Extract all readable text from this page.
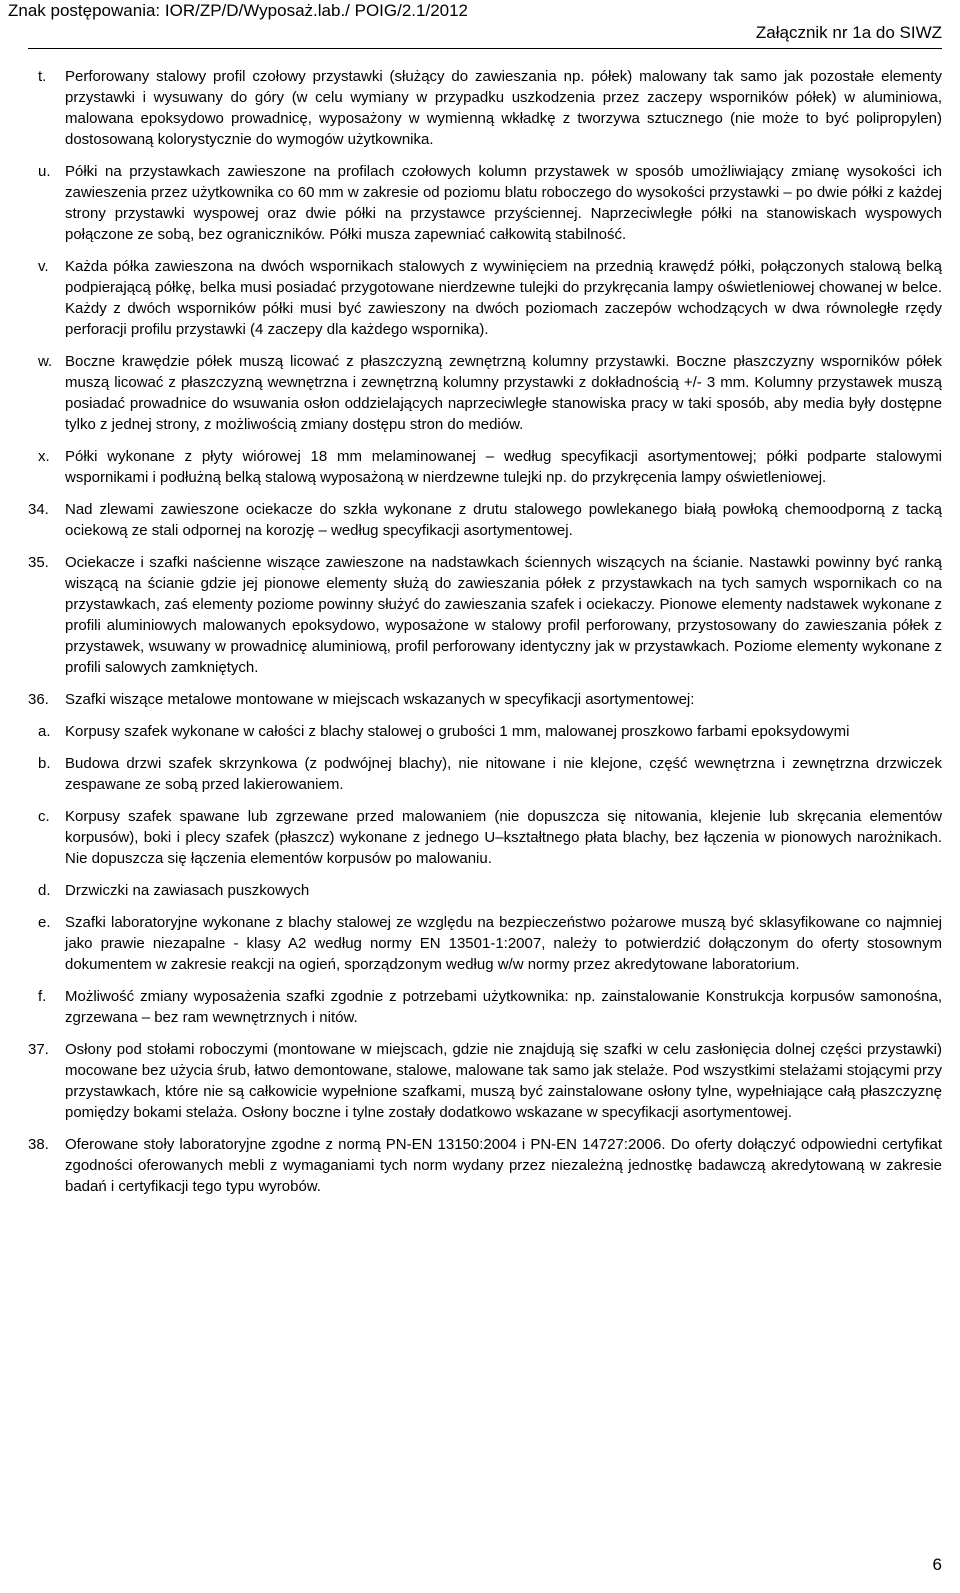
Znak postępowania: IOR/ZP/D/Wyposaż.lab./ POIG/2.1/2012
Załącznik nr 1a do SIWZ
t.	Perforowany stalowy profil czołowy przystawki (służący do zawieszania np. półek) malowany tak samo jak pozostałe elementy przystawki i wysuwany do góry (w celu wymiany w przypadku uszkodzenia przez zaczepy wsporników półek) w aluminiowa, malowana epoksydowo prowadnicę, wyposażony w wymienną wkładkę z tworzywa sztucznego (nie może to być polipropylen) dostosowaną kolorystycznie do wymogów użytkownika.
u. Półki na przystawkach zawieszone na profilach czołowych kolumn przystawek w sposób umożliwiający zmianę wysokości ich zawieszenia przez użytkownika co 60 mm w zakresie od poziomu blatu roboczego do wysokości przystawki – po dwie półki z każdej strony przystawki wyspowej oraz dwie półki na przystawce przyściennej. Naprzeciwległe półki na stanowiskach wyspowych połączone ze sobą, bez ograniczników. Półki musza zapewniać całkowitą stabilność.
v.	Każda półka zawieszona na dwóch wspornikach stalowych z wywinięciem na przednią krawędź półki, połączonych stalową belką podpierającą półkę, belka musi posiadać przygotowane nierdzewne tulejki do przykręcania lampy oświetleniowej chowanej w belce. Każdy z dwóch wsporników półki musi być zawieszony na dwóch poziomach zaczepów wchodzących w dwa równoległe rzędy perforacji profilu przystawki (4 zaczepy dla każdego wspornika).
w. Boczne krawędzie półek muszą licować z płaszczyzną zewnętrzną kolumny przystawki. Boczne płaszczyzny wsporników półek muszą licować z płaszczyzną wewnętrzna i zewnętrzną kolumny przystawki z dokładnością +/- 3 mm. Kolumny przystawek muszą posiadać prowadnice do wsuwania osłon oddzielających naprzeciwległe stanowiska pracy w taki sposób, aby media były dostępne tylko z jednej strony, z możliwością zmiany dostępu stron do mediów.
x.	Półki wykonane z płyty wiórowej 18 mm melaminowanej – według specyfikacji asortymentowej; półki podparte stalowymi wspornikami i podłużną belką stalową wyposażoną w nierdzewne tulejki np. do przykręcenia lampy oświetleniowej.
34.	Nad zlewami zawieszone ociekacze do szkła wykonane z drutu stalowego powlekanego białą powłoką chemoodporną z tacką ociekową ze stali odpornej na korozję – według specyfikacji asortymentowej.
35.	Ociekacze i szafki naścienne wiszące zawieszone na nadstawkach ściennych wiszących na ścianie. Nastawki powinny być ranką wiszącą na ścianie gdzie jej pionowe elementy służą do zawieszania półek z przystawkach na tych samych wspornikach co na przystawkach, zaś elementy poziome powinny służyć do zawieszania szafek i ociekaczy. Pionowe elementy nadstawek wykonane z profili aluminiowych malowanych epoksydowo, wyposażone w stalowy profil perforowany, przystosowany do zawieszania półek z przystawek, wsuwany w prowadnicę aluminiową, profil perforowany identyczny jak w przystawkach. Poziome elementy wykonane z profili salowych zamkniętych.
36.	Szafki wiszące metalowe montowane w miejscach wskazanych w specyfikacji asortymentowej:
a. Korpusy szafek wykonane w całości z blachy stalowej o grubości 1 mm, malowanej proszkowo farbami epoksydowymi
b. Budowa drzwi szafek skrzynkowa (z podwójnej blachy), nie nitowane i nie klejone, część wewnętrzna i zewnętrzna drzwiczek zespawane ze sobą przed lakierowaniem.
c.	Korpusy szafek spawane lub zgrzewane przed malowaniem (nie dopuszcza się nitowania, klejenie lub skręcania elementów korpusów), boki i plecy szafek (płaszcz) wykonane z jednego U–kształtnego płata blachy, bez łączenia w pionowych narożnikach. Nie dopuszcza się łączenia elementów korpusów po malowaniu.
d. Drzwiczki na zawiasach puszkowych
e. Szafki laboratoryjne wykonane z blachy stalowej ze względu na bezpieczeństwo pożarowe muszą być sklasyfikowane co najmniej jako prawie niezapalne - klasy A2 według normy EN 13501-1:2007, należy to potwierdzić dołączonym do oferty stosownym dokumentem w zakresie reakcji na ogień, sporządzonym według w/w normy przez akredytowane laboratorium.
f.	Możliwość zmiany wyposażenia szafki zgodnie z potrzebami użytkownika: np. zainstalowanie Konstrukcja korpusów samonośna, zgrzewana – bez ram wewnętrznych i nitów.
37.	Osłony pod stołami roboczymi (montowane w miejscach, gdzie nie znajdują się szafki w celu zasłonięcia dolnej części przystawki) mocowane bez użycia śrub, łatwo demontowane, stalowe, malowane tak samo jak stelaże. Pod wszystkimi stelażami stojącymi przy przystawkach, które nie są całkowicie wypełnione szafkami, muszą być zainstalowane osłony tylne, wypełniające całą płaszczyznę pomiędzy bokami stelaża. Osłony boczne i tylne zostały dodatkowo wskazane w specyfikacji asortymentowej.
38.	Oferowane stoły laboratoryjne zgodne z normą PN-EN 13150:2004 i PN-EN 14727:2006. Do oferty dołączyć odpowiedni certyfikat zgodności oferowanych mebli z wymaganiami tych norm wydany przez niezależną jednostkę badawczą akredytowaną w zakresie badań i certyfikacji tego typu wyrobów.
6
